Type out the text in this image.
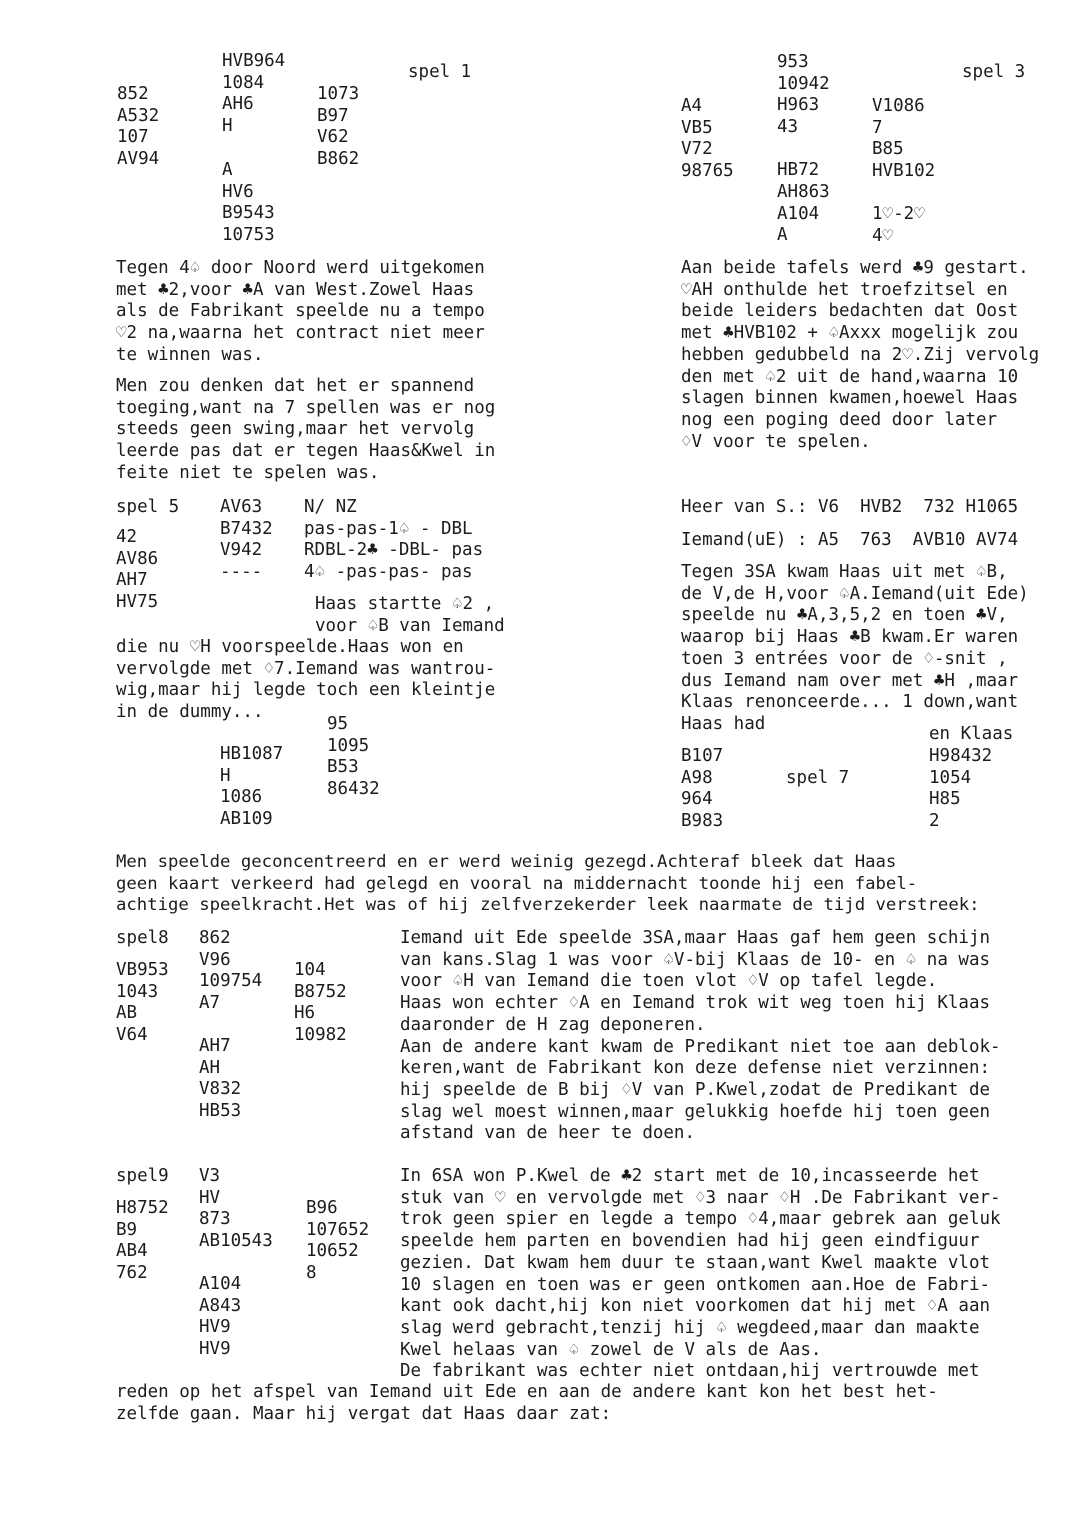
HVB964
1084
AH6
H
spel 1
852
A532
107
AV94
1073
B97
V62
B862
A
HV6
B9543
10753
Tegen 4♤ door Noord werd uitgekomen
met ♣2,voor ♣A van West.Zowel Haas
als de Fabrikant speelde nu a tempo
♡2 na,waarna het contract niet meer
te winnen was.
Men zou denken dat het er spannend
toeging,want na 7 spellen was er nog
steeds geen swing,maar het vervolg
leerde pas dat er tegen Haas&Kwel in
feite niet te spelen was.
953
10942
H963
43
spel 3
A4
VB5
V72
98765
V1086
7
B85
HVB102
HB72
AH863
A104
A
1♡-2♡
4♡
Aan beide tafels werd ♣9 gestart.
♡AH onthulde het troefzitsel en
beide leiders bedachten dat Oost
met ♣HVB102 + ♤Axxx mogelijk zou
hebben gedubbeld na 2♡.Zij vervolg
den met ♤2 uit de hand,waarna 10
slagen binnen kwamen,hoewel Haas
nog een poging deed door later
♢V voor te spelen.
spel 5 AV63
B7432
V942
----
N/ NZ
pas-pas-1♤ - DBL
RDBL-2♣ -DBL- pas
4♤ -pas-pas- pas
42
AV86
AH7
HV75	Haas startte ♤2 ,
voor ♤B van Iemand
die nu ♡H voorspeelde.Haas won en
vervolgde met ♢7.Iemand was wantrou-
wig,maar hij legde toch een kleintje
in de dummy...
95
1095
B53
86432
HB1087
H
1086
AB109
Heer van S.: V6  HVB2  732 H1065
Iemand(uE) : A5  763  AVB10 AV74
Tegen 3SA kwam Haas uit met ♤B,
de V,de H,voor ♤A.Iemand(uit Ede)
speelde nu ♣A,3,5,2 en toen ♣V,
waarop bij Haas ♣B kwam.Er waren
toen 3 entrées voor de ♢-snit ,
dus Iemand nam over met ♣H ,maar
Klaas renonceerde... 1 down,want
Haas had
en Klaas
B107
A98
964
B983
spel 7
H98432
1054
H85
2
Men speelde geconcentreerd en er werd weinig gezegd.Achteraf bleek dat Haas
geen kaart verkeerd had gelegd en vooral na middernacht toonde hij een fabel-
achtige speelkracht.Het was of hij zelfverzekerder leek naarmate de tijd verstreek:
spel8 862
V96
109754
A7
VB953
1043
AB
V64
104
B8752
H6
10982
AH7
AH
V832
HB53
Iemand uit Ede speelde 3SA,maar Haas gaf hem geen schijn
van kans.Slag 1 was voor ♤V-bij Klaas de 10- en ♤ na was
voor ♤H van Iemand die toen vlot ♢V op tafel legde.
Haas won echter ♢A en Iemand trok wit weg toen hij Klaas
daaronder de H zag deponeren.
Aan de andere kant kwam de Predikant niet toe aan deblok-
keren,want de Fabrikant kon deze defense niet verzinnen:
hij speelde de B bij ♢V van P.Kwel,zodat de Predikant de
slag wel moest winnen,maar gelukkig hoefde hij toen geen
afstand van de heer te doen.
spel9 V3
HV
873
AB10543
H8752
B9
AB4
762
B96
107652
10652
8
A104
A843
HV9
HV9
In 6SA won P.Kwel de ♣2 start met de 10,incasseerde het
stuk van ♡ en vervolgde met ♢3 naar ♢H .De Fabrikant ver-
trok geen spier en legde a tempo ♢4,maar gebrek aan geluk
speelde hem parten en bovendien had hij geen eindfiguur
gezien. Dat kwam hem duur te staan,want Kwel maakte vlot
10 slagen en toen was er geen ontkomen aan.Hoe de Fabri-
kant ook dacht,hij kon niet voorkomen dat hij met ♢A aan
slag werd gebracht,tenzij hij ♤ wegdeed,maar dan maakte
Kwel helaas van ♤ zowel de V als de Aas.
De fabrikant was echter niet ontdaan,hij vertrouwde met
reden op het afspel van Iemand uit Ede en aan de andere kant kon het best het-
zelfde gaan. Maar hij vergat dat Haas daar zat:
